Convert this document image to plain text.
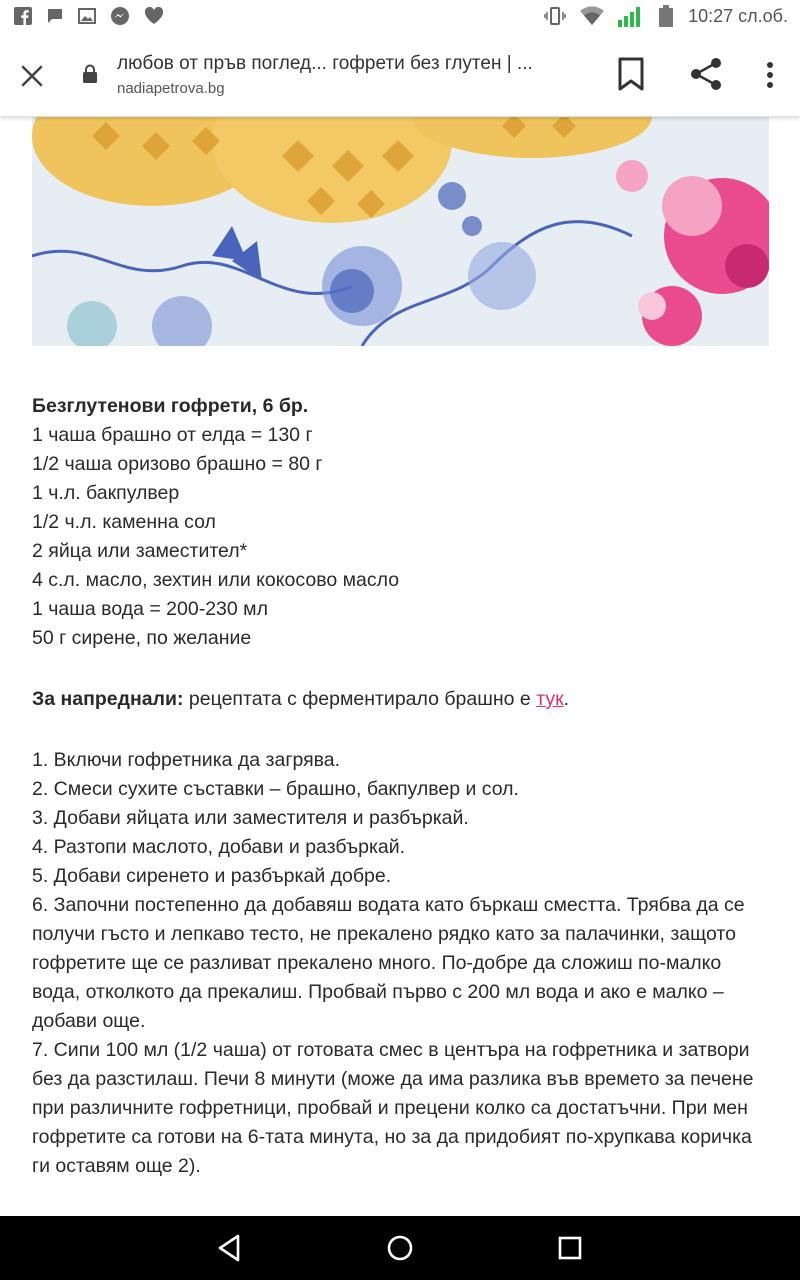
10:27 сл.об.
любов от пръв поглед... гофрети без глутен | ...
nadiapetrova.bg

Безглутенови гофрети, 6 бр.

1 чаша брашно от елда = 130 г

1/2 чаша оризово брашно = 80 г

1 ч.л. бакпулвер

1/2 ч.л. каменна сол

2 яйца или заместител*

4 с.л. масло, зехтин или кокосово масло

1 чаша вода = 200-230 мл

50 г сирене, по желание

За напреднали: рецептата с ферментирало брашно е тук.

1. Включи гофретника да загрява.

2. Смеси сухите съставки – брашно, бакпулвер и сол.

3. Добави яйцата или заместителя и разбъркай.

4. Разтопи маслото, добави и разбъркай.

5. Добави сиренето и разбъркай добре.

6. Започни постепенно да добавяш водата като бъркаш сместта. Трябва да се получи гъсто и лепкаво тесто, не прекалено рядко като за палачинки, защото гофретите ще се разливат прекалено много. По-добре да сложиш по-малко вода, отколкото да прекалиш. Пробвай първо с 200 мл вода и ако е малко – добави още.

7. Сипи 100 мл (1/2 чаша) от готовата смес в центъра на гофретника и затвори без да разстилаш. Печи 8 минути (може да има разлика във времето за печене при различните гофретници, пробвай и прецени колко са достатъчни. При мен гофретите са готови на 6-тата минута, но за да придобият по-хрупкава коричка ги оставям още 2).
